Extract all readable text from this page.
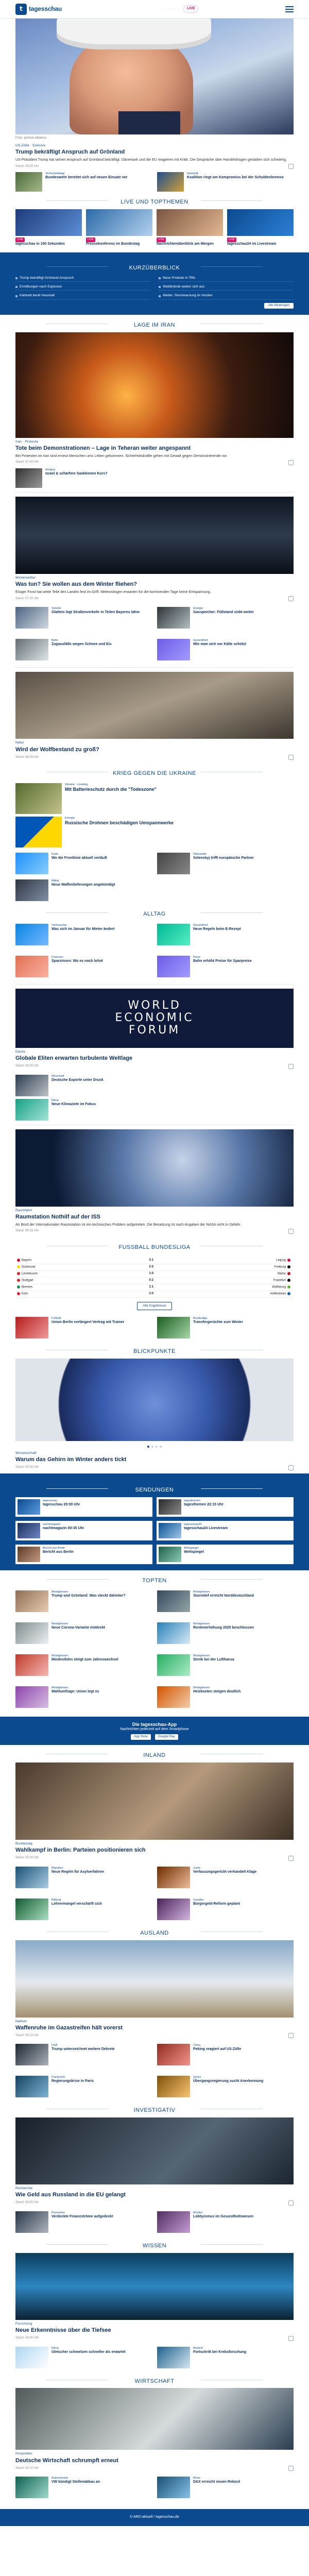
t	tagesschau	· · · · ·	LIVE
Foto: picture alliance
US-Zölle · Exklusiv
Trump bekräftigt Anspruch auf Grönland
US-Präsident Trump hat seinen Anspruch auf Grönland bekräftigt. Dänemark und die EU reagieren mit Kritik. Die Gespräche über Handelsfragen gestalten sich schwierig.
Stand: 08:25 Uhr
Sicherheitslage
Bundeswehr bereitet sich auf neuen Einsatz vor
Haushalt
Koalition ringt um Kompromiss bei der Schuldenbremse
LIVE UND TOPTHEMEN
LIVE
tagesschau in 100 Sekunden
LIVE
Pressekonferenz im Bundestag
LIVE
Nachrichtenüberblick am Morgen
LIVE
tagesschau24 im Livestream
KURZÜBERBLICK
Trump bekräftigt Grönland-Anspruch	Neue Proteste in Tiflis
Ermittlungen nach Explosion	Waldbrände weiten sich aus
Kabinett berät Haushalt	Wetter: Sturmwarnung im Norden
Alle Meldungen
LAGE IM IRAN
Iran · Proteste
Tote beim Demonstrationen – Lage in Teheran weiter angespannt
Bei Protesten im Iran sind erneut Menschen ums Leben gekommen. Sicherheitskräfte gehen mit Gewalt gegen Demonstrierende vor.
Stand: 07:40 Uhr
Analyse
Israel & schärfere Sanktionen Kurs?
Winterwetter
Was tun? Sie wollen aus dem Winter fliehen?
Eisiger Frost hat weite Teile des Landes fest im Griff. Meteorologen erwarten für die kommenden Tage keine Entspannung.
Stand: 07:10 Uhr
Verkehr
Glatteis legt Straßenverkehr in Teilen Bayerns lahm
Energie
Gasspeicher: Füllstand sinkt weiter
Bahn
Zugausfälle wegen Schnee und Eis
Gesundheit
Wie man sich vor Kälte schützt
Natur
Wird der Wolfbestand zu groß?
Stand: 06:50 Uhr
KRIEG GEGEN DIE UKRAINE
Ukraine · Liveblog
Mit Batterieschutz durch die "Todeszone"
Energie
Russische Drohnen beschädigen Umspannwerke
Karte
Wo die Frontlinie aktuell verläuft
Diplomatie
Selenskyj trifft europäische Partner
Militär
Neue Waffenlieferungen angekündigt
ALLTAG
Verbraucher
Was sich im Januar für Mieter ändert
Gesundheit
Neue Regeln beim E-Rezept
Finanzen
Sparzinsen: Wo es noch lohnt
Reise
Bahn erhöht Preise für Sparpreise
WORLD
ECONOMIC
FORUM
Davos
Globale Eliten erwarten turbulente Weltlage
Stand: 06:30 Uhr
Wirtschaft
Deutsche Exporte unter Druck
Klima
Neue Klimaziele im Fokus
Raumfahrt
Raumstation Nothilf auf der ISS
An Bord der Internationalen Raumstation ist ein technisches Problem aufgetreten. Die Besatzung ist nach Angaben der NASA nicht in Gefahr.
Stand: 06:15 Uhr
FUSSBALL BUNDESLIGA
Bayern	3:1	Leipzig
Dortmund	2:2	Freiburg
Leverkusen	1:0	Mainz
Stuttgart	0:2	Frankfurt
Bremen	1:1	Wolfsburg
Köln	2:0	Hoffenheim
Alle Ergebnisse
Fußball
Union Berlin verlängert Vertrag mit Trainer
Bundesliga
Transfergerüchte zum Winter
BLICKPUNKTE
Wissenschaft
Warum das Gehirn im Winter anders tickt
Stand: 05:50 Uhr
SENDUNGEN
tagesschau
tagesschau 20:00 Uhr
tagesthemen
tagesthemen 22:15 Uhr
nachtmagazin
nachtmagazin 00:35 Uhr
tagesschau24
tagesschau24 Livestream
Bericht aus Berlin
Bericht aus Berlin
Weltspiegel
Weltspiegel
TOPTEN
Meistgelesen
Trump und Grönland: Was steckt dahinter?
Meistgelesen
Sturmtief erreicht Norddeutschland
Meistgelesen
Neue Corona-Variante entdeckt
Meistgelesen
Rentenerhöhung 2025 beschlossen
Meistgelesen
Mindestlohn steigt zum Jahreswechsel
Meistgelesen
Streik bei der Lufthansa
Meistgelesen
Wahlumfrage: Union legt zu
Meistgelesen
Heizkosten steigen deutlich
Die tagesschau-App
Nachrichten jederzeit auf dem Smartphone
App Store	Google Play
INLAND
Bundestag
Wahlkampf in Berlin: Parteien positionieren sich
Stand: 05:30 Uhr
Migration
Neue Regeln für Asylverfahren
Justiz
Verfassungsgericht verhandelt Klage
Bildung
Lehrermangel verschärft sich
Soziales
Bürgergeld-Reform geplant
AUSLAND
Nahost
Waffenruhe im Gazastreifen hält vorerst
Stand: 05:10 Uhr
USA
Trump unterzeichnet weitere Dekrete
China
Peking reagiert auf US-Zölle
Frankreich
Regierungskrise in Paris
Syrien
Übergangsregierung sucht Anerkennung
INVESTIGATIV
Recherche
Wie Geld aus Russland in die EU gelangt
Stand: 04:50 Uhr
Panorama
Verdeckte Finanzströme aufgedeckt
Monitor
Lobbyismus im Gesundheitswesen
WISSEN
Forschung
Neue Erkenntnisse über die Tiefsee
Stand: 04:30 Uhr
Klima
Gletscher schmelzen schneller als erwartet
Medizin
Fortschritt bei Krebsforschung
WIRTSCHAFT
Konjunktur
Deutsche Wirtschaft schrumpft erneut
Stand: 04:10 Uhr
Autoindustrie
VW kündigt Stellenabbau an
Börse
DAX erreicht neuen Rekord
© ARD-aktuell / tagesschau.de
